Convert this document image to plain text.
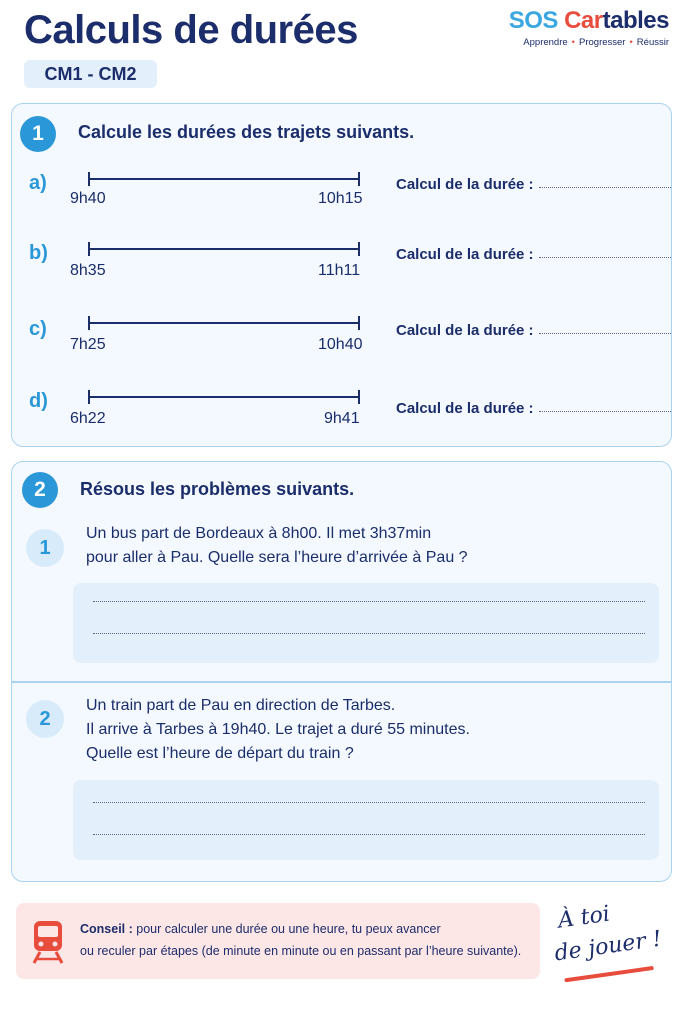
Calculs de durées
CM1 - CM2
SOS Cartables
Apprendre • Progresser • Réussir
1	Calcule les durées des trajets suivants.
a)
9h40	10h15
Calcul de la durée :
b)
8h35	11h11
Calcul de la durée :
c)
7h25	10h40
Calcul de la durée :
d)
6h22	9h41
Calcul de la durée :
2	Résous les problèmes suivants.
1
Un bus part de Bordeaux à 8h00. Il met 3h37min
pour aller à Pau. Quelle sera l’heure d’arrivée à Pau ?
2
Un train part de Pau en direction de Tarbes.
Il arrive à Tarbes à 19h40. Le trajet a duré 55 minutes.
Quelle est l’heure de départ du train ?
Conseil : pour calculer une durée ou une heure, tu peux avancer
ou reculer par étapes (de minute en minute ou en passant par l’heure suivante).
À toi
de jouer !
